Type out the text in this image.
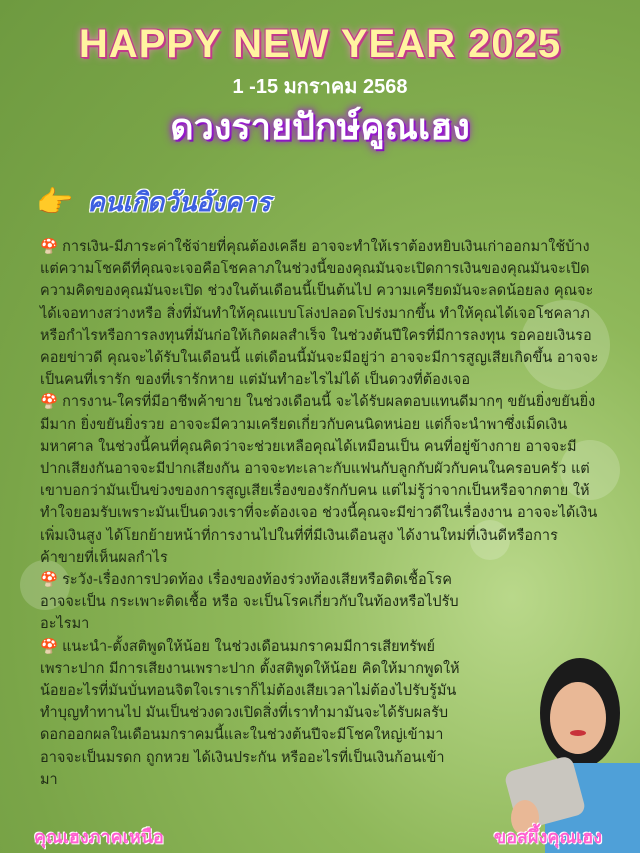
HAPPY NEW YEAR 2025
1 -15 มกราคม 2568
ดวงรายปักษ์คูณเฮง
👉 คนเกิดวันอังคาร

🍄 การเงิน-มีภาระค่าใช้จ่ายที่คุณต้องเคลีย อาจจะทำให้เราต้องหยิบเงินเก่าออกมาใช้บ้าง แต่ความโชคดีที่คุณจะเจอคือโชคลาภในช่วงนี้ของคุณมันจะเปิดการเงินของคุณมันจะเปิด ความคิดของคุณมันจะเปิด ช่วงในต้นเดือนนี้เป็นต้นไป ความเครียดมันจะลดน้อยลง คุณจะได้เจอทางสว่างหรือ สิ่งที่มันทำให้คุณแบบโล่งปลอดโปร่งมากขึ้น ทำให้คุณได้เจอโชคลาภหรือกำไรหรือการลงทุนที่มันก่อให้เกิดผลสำเร็จ ในช่วงต้นปีใครที่มีการลงทุน รอคอยเงินรอคอยข่าวดี คุณจะได้รับในเดือนนี้ แต่เดือนนี้มันจะมีอยู่ว่า อาจจะมีการสูญเสียเกิดขึ้น อาจจะเป็นคนที่เรารัก ของที่เรารักหาย แต่มันทำอะไรไม่ได้ เป็นดวงที่ต้องเจอ

🍄 การงาน-ใครที่มีอาชีพค้าขาย ในช่วงเดือนนี้ จะได้รับผลตอบแทนดีมากๆ ขยันยิ่งขยันยิ่งมีมาก ยิ่งขยันยิ่งรวย อาจจะมีความเครียดเกี่ยวกับคนนิดหน่อย แต่ก็จะนำพาซึ่งเม็ดเงินมหาศาล ในช่วงนี้คนที่คุณคิดว่าจะช่วยเหลือคุณได้เหมือนเป็น คนที่อยู่ข้างกาย อาจจะมีปากเสียงกันอาจจะมีปากเสียงกัน อาจจะทะเลาะกับแฟนกับลูกกับผัวกับคนในครอบครัว แต่เขาบอกว่ามันเป็นข่วงของการสูญเสียเรื่องของรักกับคน แต่ไม่รู้ว่าจากเป็นหรือจากตาย ให้ทำใจยอมรับเพราะมันเป็นดวงเราที่จะต้องเจอ ช่วงนี้คุณจะมีข่าวดีในเรื่องงาน อาจจะได้เงินเพิ่มเงินสูง ได้โยกย้ายหน้าที่การงานไปในที่ที่มีเงินเดือนสูง ได้งานใหม่ที่เงินดีหรือการค้าขายที่เห็นผลกำไร

🍄 ระวัง-เรื่องการปวดท้อง เรื่องของท้องร่วงท้องเสียหรือติดเชื้อโรค อาจจะเป็น กระเพาะติดเชื้อ หรือ จะเป็นโรคเกี่ยวกับในท้องหรือไปรับอะไรมา

🍄 แนะนำ-ตั้งสติพูดให้น้อย ในช่วงเดือนมกราคมมีการเสียทรัพย์เพราะปาก มีการเสียงานเพราะปาก ตั้งสติพูดให้น้อย คิดให้มากพูดให้น้อยอะไรที่มันบั่นทอนจิตใจเราเราก็ไม่ต้องเสียเวลาไม่ต้องไปรับรู้มัน ทำบุญทำทานไป มันเป็นช่วงดวงเปิดสิ่งที่เราทำมามันจะได้รับผลรับดอกออกผลในเดือนมกราคมนี้และในช่วงต้นปีจะมีโชคใหญ่เข้ามา อาจจะเป็นมรดก ถูกหวย ได้เงินประกัน หรืออะไรที่เป็นเงินก้อนเข้ามา

คุณเฮงภาคเหนือ	ขอสผึ้งคุณเฮง
